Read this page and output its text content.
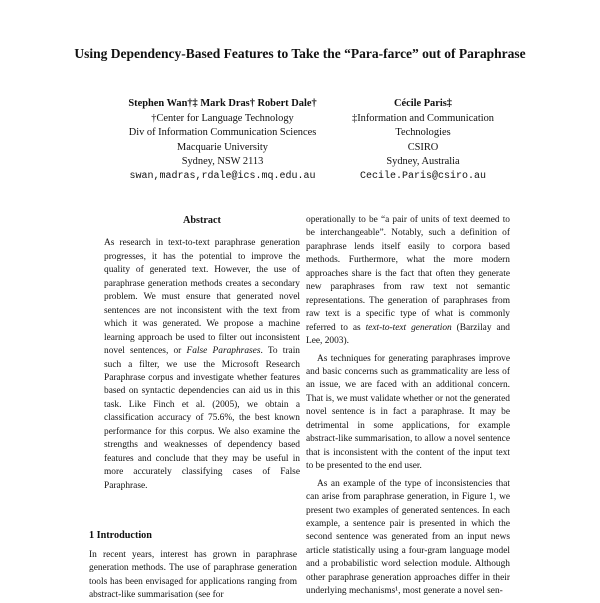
Using Dependency-Based Features to Take the “Para-farce” out of Paraphrase
Stephen Wan†‡ Mark Dras† Robert Dale†
†Center for Language Technology
Div of Information Communication Sciences
Macquarie University
Sydney, NSW 2113
swan,madras,rdale@ics.mq.edu.au
Cécile Paris‡
‡Information and Communication
Technologies
CSIRO
Sydney, Australia
Cecile.Paris@csiro.au
Abstract

As research in text-to-text paraphrase generation progresses, it has the potential to improve the quality of generated text. However, the use of paraphrase generation methods creates a secondary problem. We must ensure that generated novel sentences are not inconsistent with the text from which it was generated. We propose a machine learning approach be used to filter out inconsistent novel sentences, or False Paraphrases. To train such a filter, we use the Microsoft Research Paraphrase corpus and investigate whether features based on syntactic dependencies can aid us in this task. Like Finch et al. (2005), we obtain a classification accuracy of 75.6%, the best known performance for this corpus. We also examine the strengths and weaknesses of dependency based features and conclude that they may be useful in more accurately classifying cases of False Paraphrase.

1 Introduction
In recent years, interest has grown in paraphrase generation methods. The use of paraphrase generation tools has been envisaged for applications ranging from abstract-like summarisation (see for

operationally to be “a pair of units of text deemed to be interchangeable”. Notably, such a definition of paraphrase lends itself easily to corpora based methods. Furthermore, what the more modern approaches share is the fact that often they generate new paraphrases from raw text not semantic representations. The generation of paraphrases from raw text is a specific type of what is commonly referred to as text-to-text generation (Barzilay and Lee, 2003).

As techniques for generating paraphrases improve and basic concerns such as grammaticality are less of an issue, we are faced with an additional concern. That is, we must validate whether or not the generated novel sentence is in fact a paraphrase. It may be detrimental in some applications, for example abstract-like summarisation, to allow a novel sentence that is inconsistent with the content of the input text to be presented to the end user.

As an example of the type of inconsistencies that can arise from paraphrase generation, in Figure 1, we present two examples of generated sentences. In each example, a sentence pair is presented in which the second sentence was generated from an input news article statistically using a four-gram language model and a probabilistic word selection module. Although other paraphrase generation approaches differ in their underlying mechanisms¹, most generate a novel sen-
